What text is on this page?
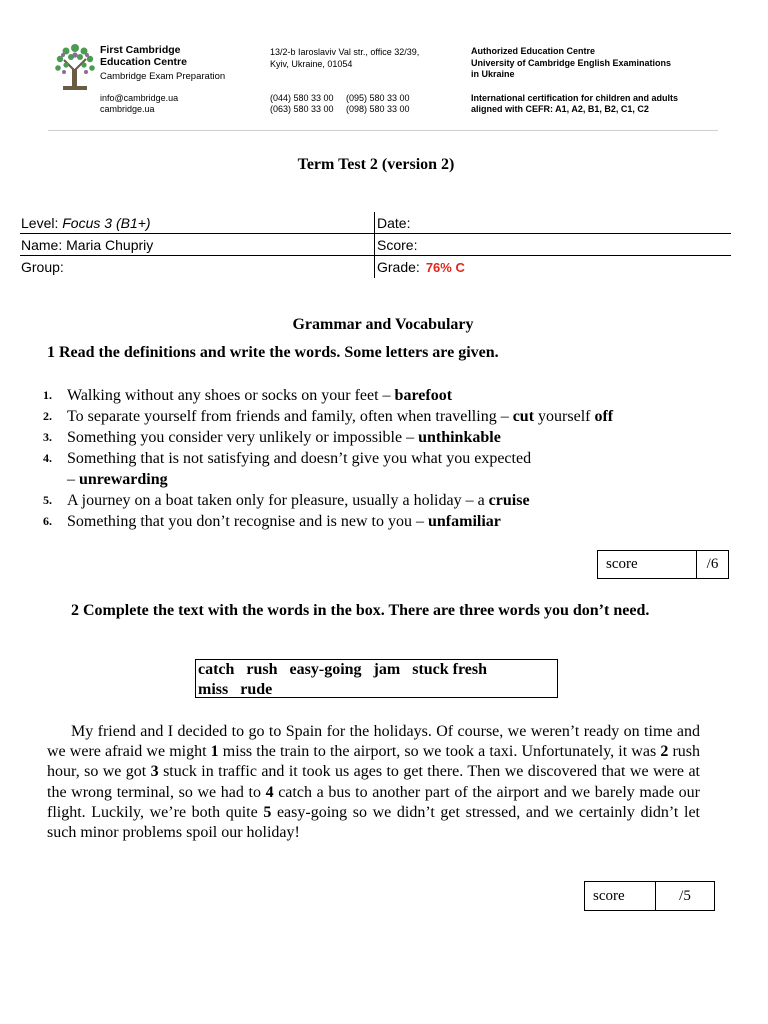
First Cambridge
Education Centre
Cambridge Exam Preparation
info@cambridge.ua
cambridge.ua
13/2-b Iaroslaviv Val str., office 32/39,
Kyiv, Ukraine, 01054
(044) 580 33 00 (095) 580 33 00
(063) 580 33 00 (098) 580 33 00
Authorized Education Centre
University of Cambridge English Examinations
in Ukraine
International certification for children and adults
aligned with CEFR: A1, A2, B1, B2, C1, C2
Term Test 2 (version 2)
Level: Focus 3 (B1+)	Date:
Name: Maria Chupriy	Score:
Group:	Grade: 76% C
Grammar and Vocabulary
1 Read the definitions and write the words. Some letters are given.
1. Walking without any shoes or socks on your feet – barefoot
2. To separate yourself from friends and family, often when travelling – cut yourself off
3. Something you consider very unlikely or impossible – unthinkable
4. Something that is not satisfying and doesn’t give you what you expected
– unrewarding
5. A journey on a boat taken only for pleasure, usually a holiday – a cruise
6. Something that you don’t recognise and is new to you – unfamiliar
score	/6
2 Complete the text with the words in the box. There are three words you don’t need.
catch   rush   easy-going   jam   stuck fresh
miss   rude
My friend and I decided to go to Spain for the holidays. Of course, we weren’t ready on time and we were afraid we might 1 miss the train to the airport, so we took a taxi. Unfortunately, it was 2 rush hour, so we got 3 stuck in traffic and it took us ages to get there. Then we discovered that we were at the wrong terminal, so we had to 4 catch a bus to another part of the airport and we barely made our flight. Luckily, we’re both quite 5 easy-going so we didn’t get stressed, and we certainly didn’t let such minor problems spoil our holiday!
score	/5
